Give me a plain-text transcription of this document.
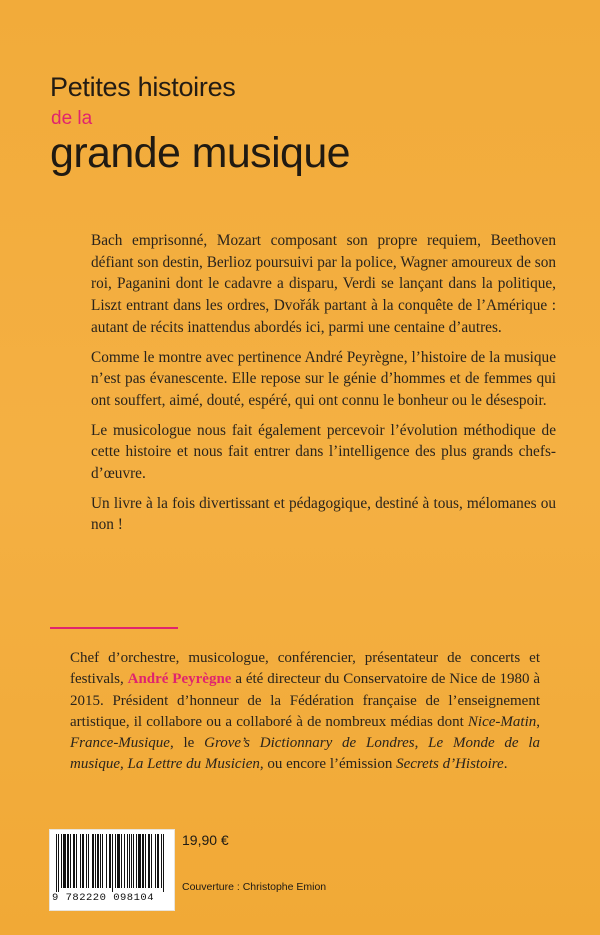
Petites histoires
de la
grande musique

Bach emprisonné, Mozart composant son propre requiem, Beethoven défiant son destin, Berlioz poursuivi par la police, Wagner amoureux de son roi, Paganini dont le cadavre a disparu, Verdi se lançant dans la politique, Liszt entrant dans les ordres, Dvořák partant à la conquête de l’Amérique : autant de récits inattendus abordés ici, parmi une centaine d’autres.

Comme le montre avec pertinence André Peyrègne, l’histoire de la musique n’est pas évanescente. Elle repose sur le génie d’hommes et de femmes qui ont souffert, aimé, douté, espéré, qui ont connu le bonheur ou le désespoir.

Le musicologue nous fait également percevoir l’évolution méthodique de cette histoire et nous fait entrer dans l’intelligence des plus grands chefs-d’œuvre.

Un livre à la fois divertissant et pédagogique, destiné à tous, mélomanes ou non !

Chef d’orchestre, musicologue, conférencier, présentateur de concerts et festivals, André Peyrègne a été directeur du Conservatoire de Nice de 1980 à 2015. Président d’honneur de la Fédération française de l’enseignement artistique, il collabore ou a collaboré à de nombreux médias dont Nice-Matin, France-Musique, le Grove’s Dictionnary de Londres, Le Monde de la musique, La Lettre du Musicien, ou encore l’émission Secrets d’Histoire.
9 782220 098104
19,90 €
Couverture : Christophe Emion
